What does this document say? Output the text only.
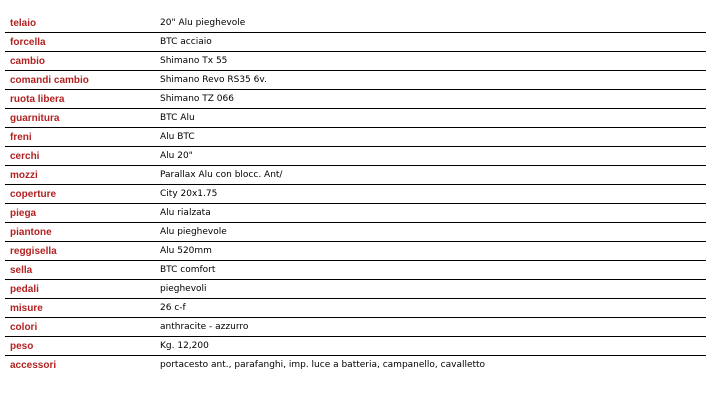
telaio	20" Alu pieghevole
forcella	BTC acciaio
cambio	Shimano Tx 55
comandi cambio	Shimano Revo RS35 6v.
ruota libera	Shimano TZ 066
guarnitura	BTC Alu
freni	Alu BTC
cerchi	Alu 20"
mozzi	Parallax Alu con blocc. Ant/
coperture	City 20x1.75
piega	Alu rialzata
piantone	Alu pieghevole
reggisella	Alu 520mm
sella	BTC comfort
pedali	pieghevoli
misure	26 c-f
colori	anthracite - azzurro
peso	Kg. 12,200
accessori	portacesto ant., parafanghi, imp. luce a batteria, campanello, cavalletto
